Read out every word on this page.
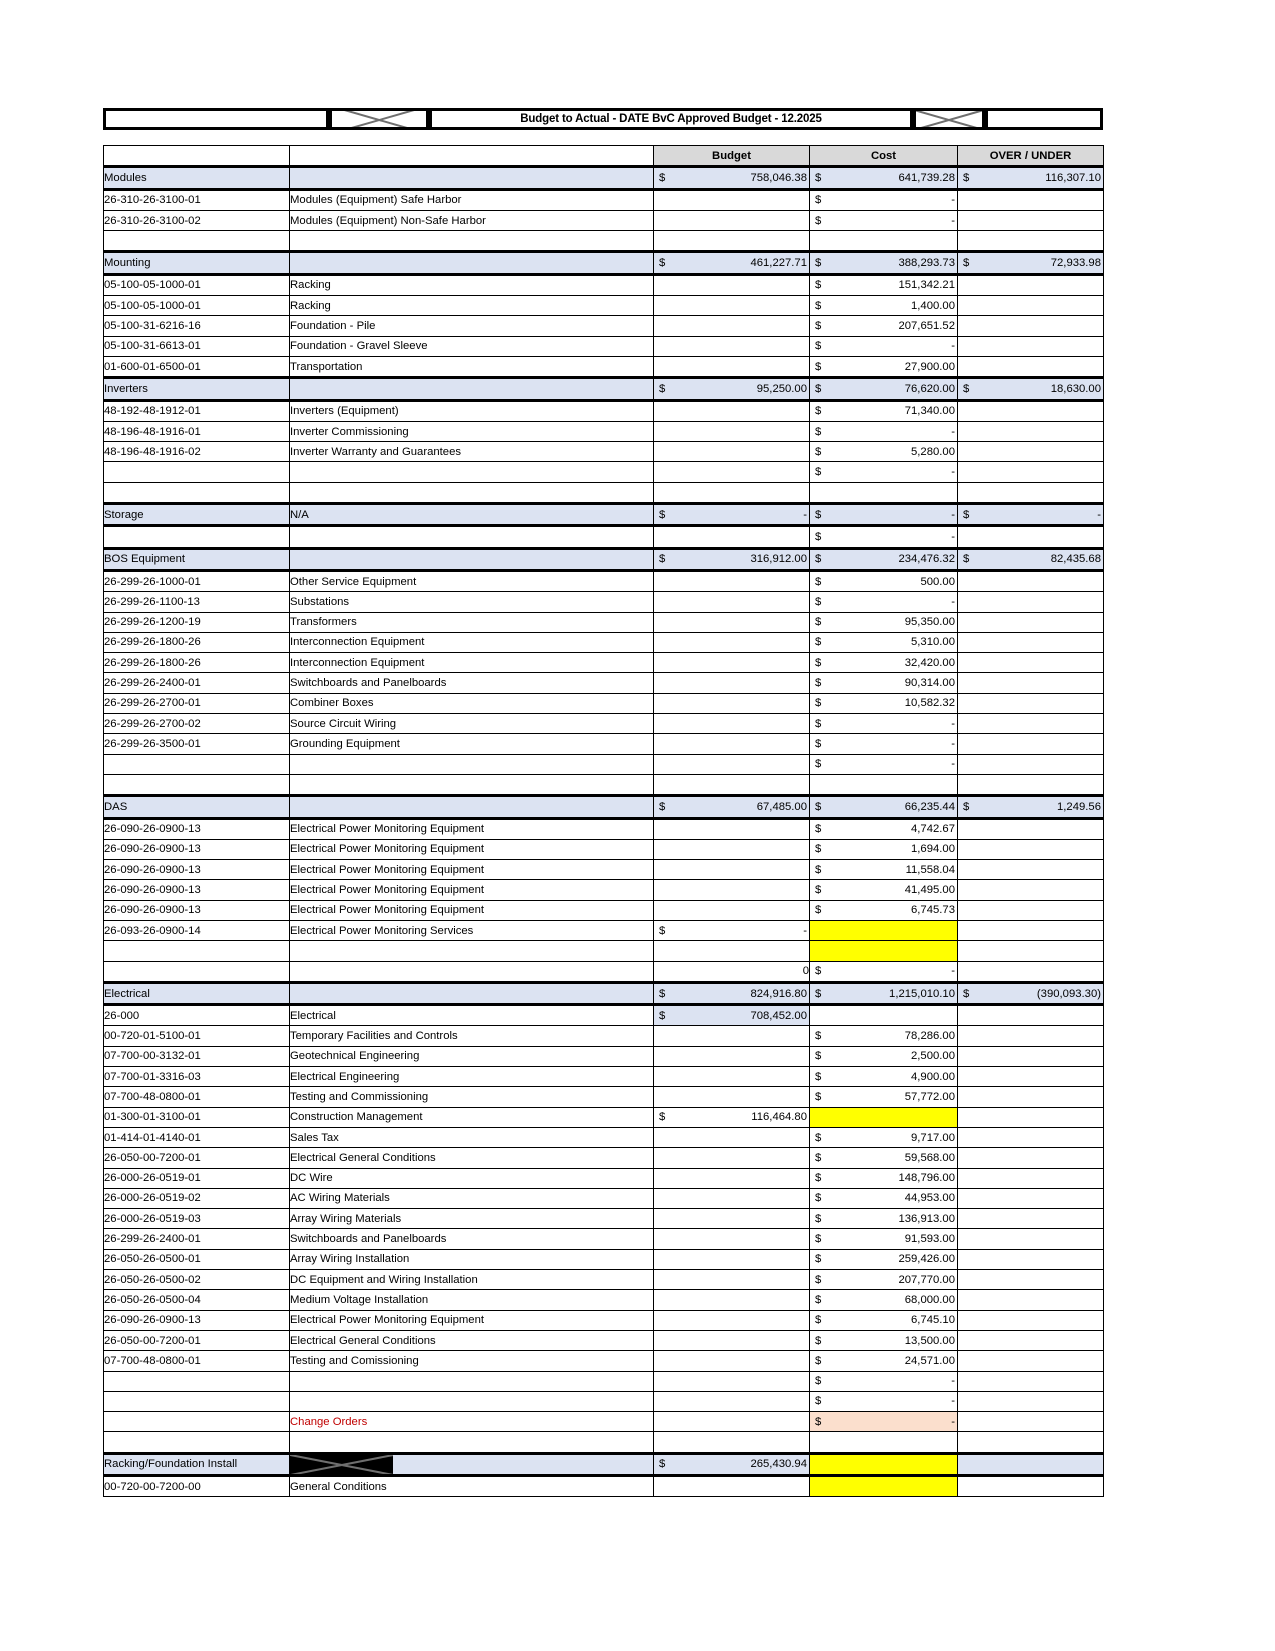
Budget to Actual - DATE BvC Approved Budget - 12.2025
		Budget	Cost	OVER / UNDER
Modules		$ 758,046.38	$ 641,739.28	$ 116,307.10

26-310-26-3100-01	Modules (Equipment) Safe Harbor		$ -	

26-310-26-3100-02	Modules (Equipment) Non-Safe Harbor		$ -	

Mounting		$ 461,227.71	$ 388,293.73	$ 72,933.98

05-100-05-1000-01	Racking		$ 151,342.21	

05-100-05-1000-01	Racking		$ 1,400.00	

05-100-31-6216-16	Foundation - Pile		$ 207,651.52	

05-100-31-6613-01	Foundation - Gravel Sleeve		$ -	

01-600-01-6500-01	Transportation		$ 27,900.00	

Inverters		$ 95,250.00	$ 76,620.00	$ 18,630.00

48-192-48-1912-01	Inverters (Equipment)		$ 71,340.00	

48-196-48-1916-01	Inverter Commissioning		$ -	

48-196-48-1916-02	Inverter Warranty and Guarantees		$ 5,280.00	

			$ -	

Storage	N/A	$ -	$ -	$ -

			$ -	

BOS Equipment		$ 316,912.00	$ 234,476.32	$ 82,435.68

26-299-26-1000-01	Other Service Equipment		$ 500.00	

26-299-26-1100-13	Substations		$ -	

26-299-26-1200-19	Transformers		$ 95,350.00	

26-299-26-1800-26	Interconnection Equipment		$ 5,310.00	

26-299-26-1800-26	Interconnection Equipment		$ 32,420.00	

26-299-26-2400-01	Switchboards and Panelboards		$ 90,314.00	

26-299-26-2700-01	Combiner Boxes		$ 10,582.32	

26-299-26-2700-02	Source Circuit Wiring		$ -	

26-299-26-3500-01	Grounding Equipment		$ -	

			$ -	

DAS		$ 67,485.00	$ 66,235.44	$ 1,249.56

26-090-26-0900-13	Electrical Power Monitoring Equipment		$ 4,742.67	

26-090-26-0900-13	Electrical Power Monitoring Equipment		$ 1,694.00	

26-090-26-0900-13	Electrical Power Monitoring Equipment		$ 11,558.04	

26-090-26-0900-13	Electrical Power Monitoring Equipment		$ 41,495.00	

26-090-26-0900-13	Electrical Power Monitoring Equipment		$ 6,745.73	

26-093-26-0900-14	Electrical Power Monitoring Services	$ -		

		0	$ -	

Electrical		$ 824,916.80	$ 1,215,010.10	$ (390,093.30)

26-000	Electrical	$ 708,452.00		

00-720-01-5100-01	Temporary Facilities and Controls		$ 78,286.00	

07-700-00-3132-01	Geotechnical Engineering		$ 2,500.00	

07-700-01-3316-03	Electrical Engineering		$ 4,900.00	

07-700-48-0800-01	Testing and Commissioning		$ 57,772.00	

01-300-01-3100-01	Construction Management	$ 116,464.80		

01-414-01-4140-01	Sales Tax		$ 9,717.00	

26-050-00-7200-01	Electrical General Conditions		$ 59,568.00	

26-000-26-0519-01	DC Wire		$ 148,796.00	

26-000-26-0519-02	AC Wiring Materials		$ 44,953.00	

26-000-26-0519-03	Array Wiring Materials		$ 136,913.00	

26-299-26-2400-01	Switchboards and Panelboards		$ 91,593.00	

26-050-26-0500-01	Array Wiring Installation		$ 259,426.00	

26-050-26-0500-02	DC Equipment and Wiring Installation		$ 207,770.00	

26-050-26-0500-04	Medium Voltage Installation		$ 68,000.00	

26-090-26-0900-13	Electrical Power Monitoring Equipment		$ 6,745.10	

26-050-00-7200-01	Electrical General Conditions		$ 13,500.00	

07-700-48-0800-01	Testing and Comissioning		$ 24,571.00	

			$ -	

			$ -	

	Change Orders		$ -	

Racking/Foundation Install		$ 265,430.94		

00-720-00-7200-00	General Conditions			
